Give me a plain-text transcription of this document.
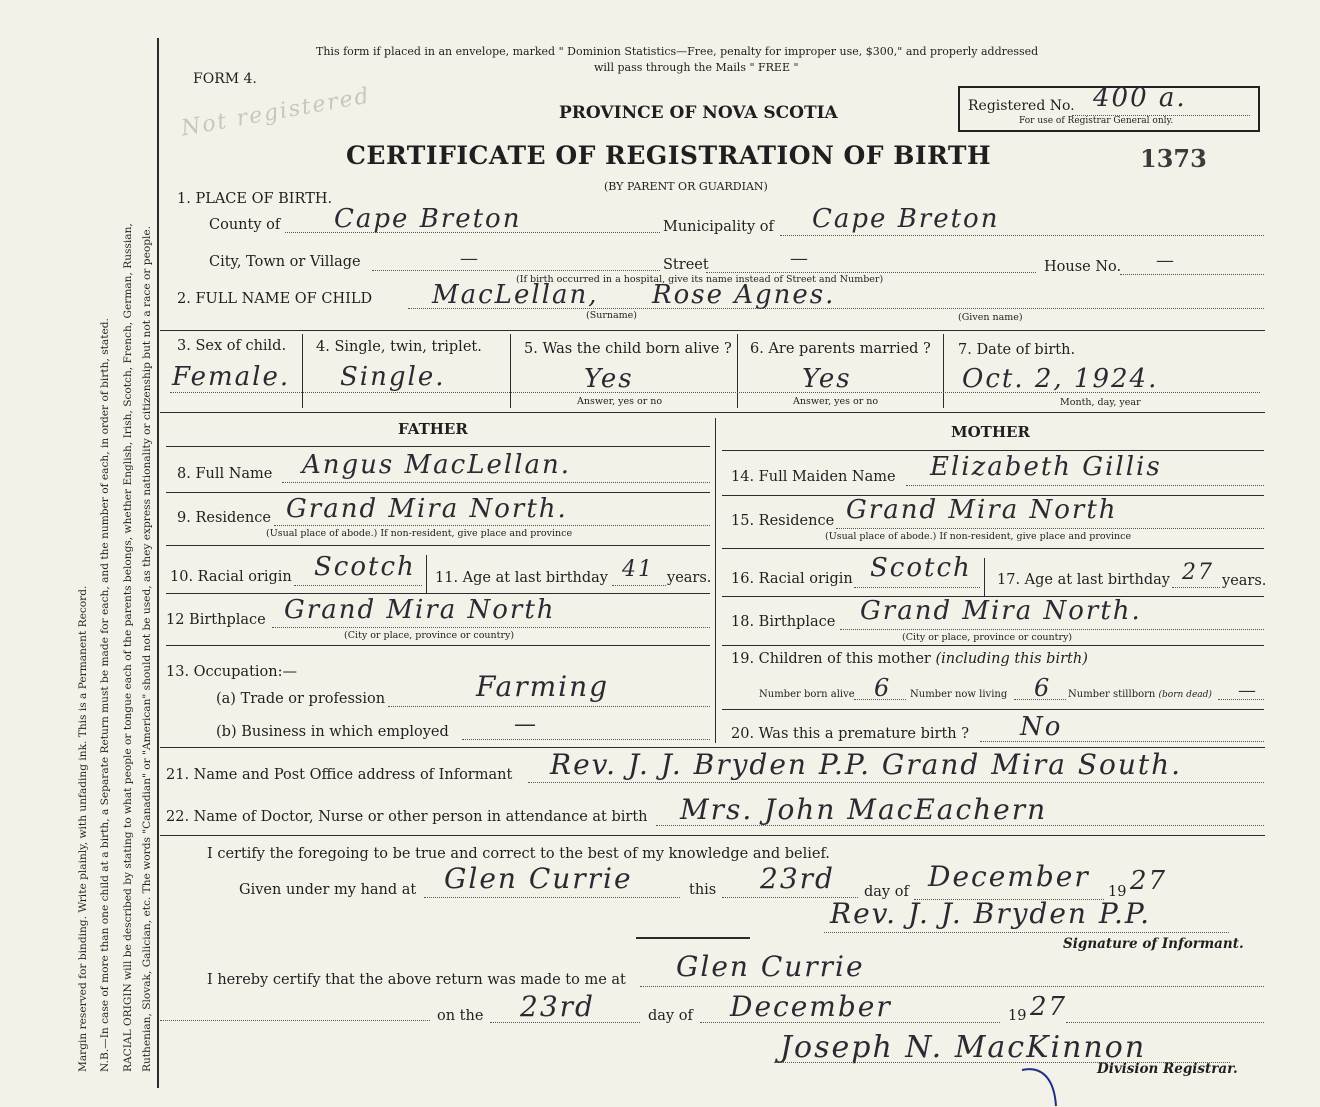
Margin reserved for binding. Write plainly, with unfading ink. This is a Permanent Record. N.B.—In case of more than one child at a birth, a Separate Return must be made for each, and the number of each, in order of birth, stated. RACIAL ORIGIN will be described by stating to what people or tongue each of the parents belongs, whether English, Irish, Scotch, French, German, Russian, Ruthenian, Slovak, Galician, etc. The words "Canadian" or "American" should not be used, as they express nationality or citizenship but not a race or people.
This form if placed in an envelope, marked " Dominion Statistics—Free, penalty for improper use, $300," and properly addressed
will pass through the Mails " FREE "
FORM 4.
Not registered	PROVINCE OF NOVA SCOTIA
CERTIFICATE OF REGISTRATION OF BIRTH
(BY PARENT OR GUARDIAN)
1373
Registered No. 400 a.
For use of Registrar General only.
1. PLACE OF BIRTH.
County of Cape Breton	Municipality of Cape Breton
City, Town or Village	—	Street	—	House No. —
(If birth occurred in a hospital, give its name instead of Street and Number)
2. FULL NAME OF CHILD MacLellan, Rose Agnes.
(Surname)	(Given name)
3. Sex of child.
Female.
4. Single, twin, triplet.
Single.
5. Was the child born alive ?
Yes
Answer, yes or no
6. Are parents married ?
Yes
Answer, yes or no
7. Date of birth.
Oct. 2, 1924.
Month, day, year
FATHER	MOTHER
8. Full Name Angus MacLellan.	14. Full Maiden Name Elizabeth Gillis
9. Residence Grand Mira North.
(Usual place of abode.) If non-resident, give place and province
15. Residence Grand Mira North
(Usual place of abode.) If non-resident, give place and province
10. Racial origin Scotch 11. Age at last birthday 41 years. 16. Racial origin Scotch 17. Age at last birthday 27 years.
12 Birthplace Grand Mira North
(City or place, province or country)
18. Birthplace Grand Mira North.
(City or place, province or country)
13. Occupation:—
(a) Trade or profession	Farming
(b) Business in which employed	—
19. Children of this mother (including this birth)
Number born alive 6 Number now living 6 Number stillborn (born dead) —
20. Was this a premature birth ? No
21. Name and Post Office address of Informant Rev. J. J. Bryden P.P. Grand Mira South.
22. Name of Doctor, Nurse or other person in attendance at birth Mrs. John MacEachern
I certify the foregoing to be true and correct to the best of my knowledge and belief.
Given under my hand at Glen Currie	this 23rd day of December 19 27
Rev. J. J. Bryden P.P.
Signature of Informant.
I hereby certify that the above return was made to me at Glen Currie
on the 23rd	day of December	19 27
Joseph N. MacKinnon
Division Registrar.
